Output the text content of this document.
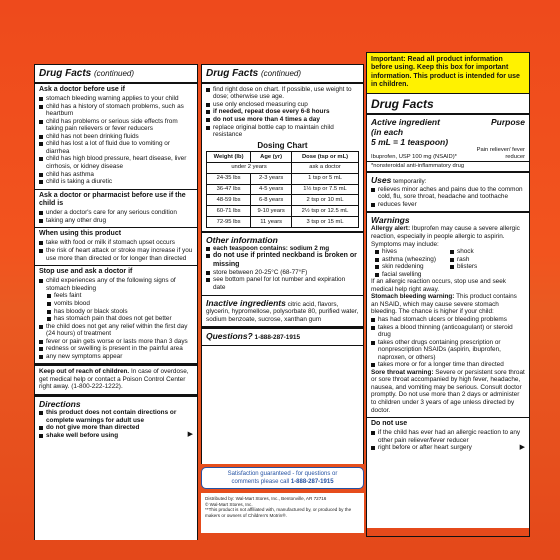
Drug Facts (continued)
Ask a doctor before use if
stomach bleeding warning applies to your child
child has a history of stomach problems, such as heartburn
child has problems or serious side effects from taking pain relievers or fever reducers
child has not been drinking fluids
child has lost a lot of fluid due to vomiting or diarrhea
child has high blood pressure, heart disease, liver cirrhosis, or kidney disease
child has asthma
child is taking a diuretic
Ask a doctor or pharmacist before use if the child is
under a doctor's care for any serious condition
taking any other drug
When using this product
take with food or milk if stomach upset occurs
the risk of heart attack or stroke may increase if you use more than directed or for longer than directed
Stop use and ask a doctor if
child experiences any of the following signs of stomach bleeding
feels faint
vomits blood
has bloody or black stools
has stomach pain that does not get better
the child does not get any relief within the first day (24 hours) of treatment
fever or pain gets worse or lasts more than 3 days
redness or swelling is present in the painful area
any new symptoms appear
Keep out of reach of children. In case of overdose, get medical help or contact a Poison Control Center right away. (1-800-222-1222).
Directions
this product does not contain directions or complete warnings for adult use
do not give more than directed
shake well before using	▶
Drug Facts (continued)
find right dose on chart. If possible, use weight to dose; otherwise use age.
use only enclosed measuring cup
if needed, repeat dose every 6-8 hours
do not use more than 4 times a day
replace original bottle cap to maintain child resistance
Dosing Chart
Weight (lb)	Age (yr)	Dose (tsp or mL)
under 2 years		ask a doctor
24-35 lbs	2-3 years	1 tsp or 5 mL
36-47 lbs	4-5 years	1½ tsp or 7.5 mL
48-59 lbs	6-8 years	2 tsp or 10 mL
60-71 lbs	9-10 years	2½ tsp or 12.5 mL
72-95 lbs	11 years	3 tsp or 15 mL
Other information
each teaspoon contains: sodium 2 mg
do not use if printed neckband is broken or missing
store between 20-25°C (68-77°F)
see bottom panel for lot number and expiration date
Inactive ingredients citric acid, flavors, glycerin, hypromellose, polysorbate 80, purified water, sodium benzoate, sucrose, xanthan gum
Questions? 1-888-287-1915
Satisfaction guaranteed - for questions or
comments please call 1-888-287-1915
Distributed by: Wal-Mart Stores, Inc., Bentonville, AR 72716
© Wal-Mart Stores, Inc.
**This product is not affiliated with, manufactured by, or produced by the makers or owners of Children's Motrin®.
Important: Read all product information before using. Keep this box for important information. This product is intended for use in children.
Drug Facts
Active ingredient	Purpose
(in each
5 mL = 1 teaspoon)
Ibuprofen, USP 100 mg (NSAID)*
Pain reliever/ fever reducer
*nonsteroidal anti-inflammatory drug
Uses temporarily:
relieves minor aches and pains due to the common cold, flu, sore throat, headache and toothache
reduces fever
Warnings
Allergy alert: Ibuprofen may cause a severe allergic reaction, especially in people allergic to aspirin. Symptoms may include:
hives	shock
asthma (wheezing)	rash
skin reddening	blisters
facial swelling
If an allergic reaction occurs, stop use and seek medical help right away.
Stomach bleeding warning: This product contains an NSAID, which may cause severe stomach bleeding. The chance is higher if your child:
has had stomach ulcers or bleeding problems
takes a blood thinning (anticoagulant) or steroid drug
takes other drugs containing prescription or nonprescription NSAIDs (aspirin, ibuprofen, naproxen, or others)
takes more or for a longer time than directed
Sore throat warning: Severe or persistent sore throat or sore throat accompanied by high fever, headache, nausea, and vomiting may be serious. Consult doctor promptly. Do not use more than 2 days or administer to children under 3 years of age unless directed by doctor.
Do not use
if the child has ever had an allergic reaction to any other pain reliever/fever reducer
right before or after heart surgery	▶
